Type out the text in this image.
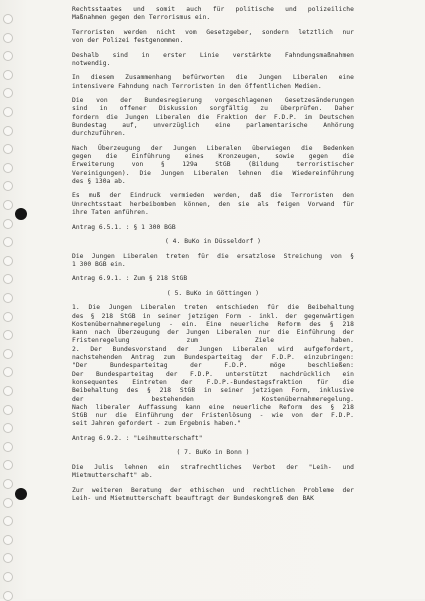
Rechtsstaates und somit auch für politische und polizeiliche
Maßnahmen gegen den Terrorismus ein.
Terroristen werden nicht vom Gesetzgeber, sondern letztlich nur
von der Polizei festgenommen.
Deshalb sind in erster Linie verstärkte Fahndungsmaßnahmen
notwendig.
In diesem Zusammenhang befürworten die Jungen Liberalen eine
intensivere Fahndung nach Terroristen in den öffentlichen Medien.
Die von der Bundesregierung vorgeschlagenen Gesetzesänderungen
sind in offener Diskussion sorgfältig zu überprüfen. Daher
fordern die Jungen Liberalen die Fraktion der F.D.P. im Deutschen
Bundestag auf, unverzüglich eine parlamentarische Anhörung
durchzuführen.
Nach Überzeugung der Jungen Liberalen überwiegen die Bedenken
gegen die Einführung eines Kronzeugen, sowie gegen die
Erweiterung von § 129a StGB (Bildung terroristischer
Vereinigungen). Die Jungen Liberalen lehnen die Wiedereinführung
des § 130a ab.
Es muß der Eindruck vermieden werden, daß die Terroristen den
Unrechtsstaat herbeibomben können, den sie als feigen Vorwand für
ihre Taten anführen.
Antrag 6.5.1. : § 1 300 BGB
( 4. BuKo in Düsseldorf )
Die Jungen Liberalen treten für die ersatzlose Streichung von §
1 300 BGB ein.
Antrag 6.9.1. : Zum § 218 StGB
( 5. BuKo in Göttingen )
1. Die Jungen Liberalen treten entschieden für die Beibehaltung
des § 218 StGB in seiner jetzigen Form - inkl. der gegenwärtigen
Kostenübernahmeregelung - ein. Eine neuerliche Reform des § 218
kann nach Überzeugung der Jungen Liberalen nur die Einführung der
Fristenregelung zum Ziele haben.
2. Der Bundesvorstand der Jungen Liberalen wird aufgefordert,
nachstehenden Antrag zum Bundesparteitag der F.D.P. einzubringen:
"Der Bundesparteitag der F.D.P. möge beschließen:
Der Bundesparteitag der F.D.P. unterstützt nachdrücklich ein
konsequentes Eintreten der F.D.P.-Bundestagsfraktion für die
Beibehaltung des § 218 StGB in seiner jetzigen Form, inklusive
der bestehenden Kostenübernahmeregelung.
Nach liberaler Auffassung kann eine neuerliche Reform des § 218
StGB nur die Einführung der Fristenlösung - wie von der F.D.P.
seit Jahren gefordert - zum Ergebnis haben."
Antrag 6.9.2. : "Leihmutterschaft"
( 7. BuKo in Bonn )
Die Julis lehnen ein strafrechtliches Verbot der "Leih- und
Mietmutterschaft" ab.
Zur weiteren Beratung der ethischen und rechtlichen Probleme der
Leih- und Mietmutterschaft beauftragt der Bundeskongreß den BAK
